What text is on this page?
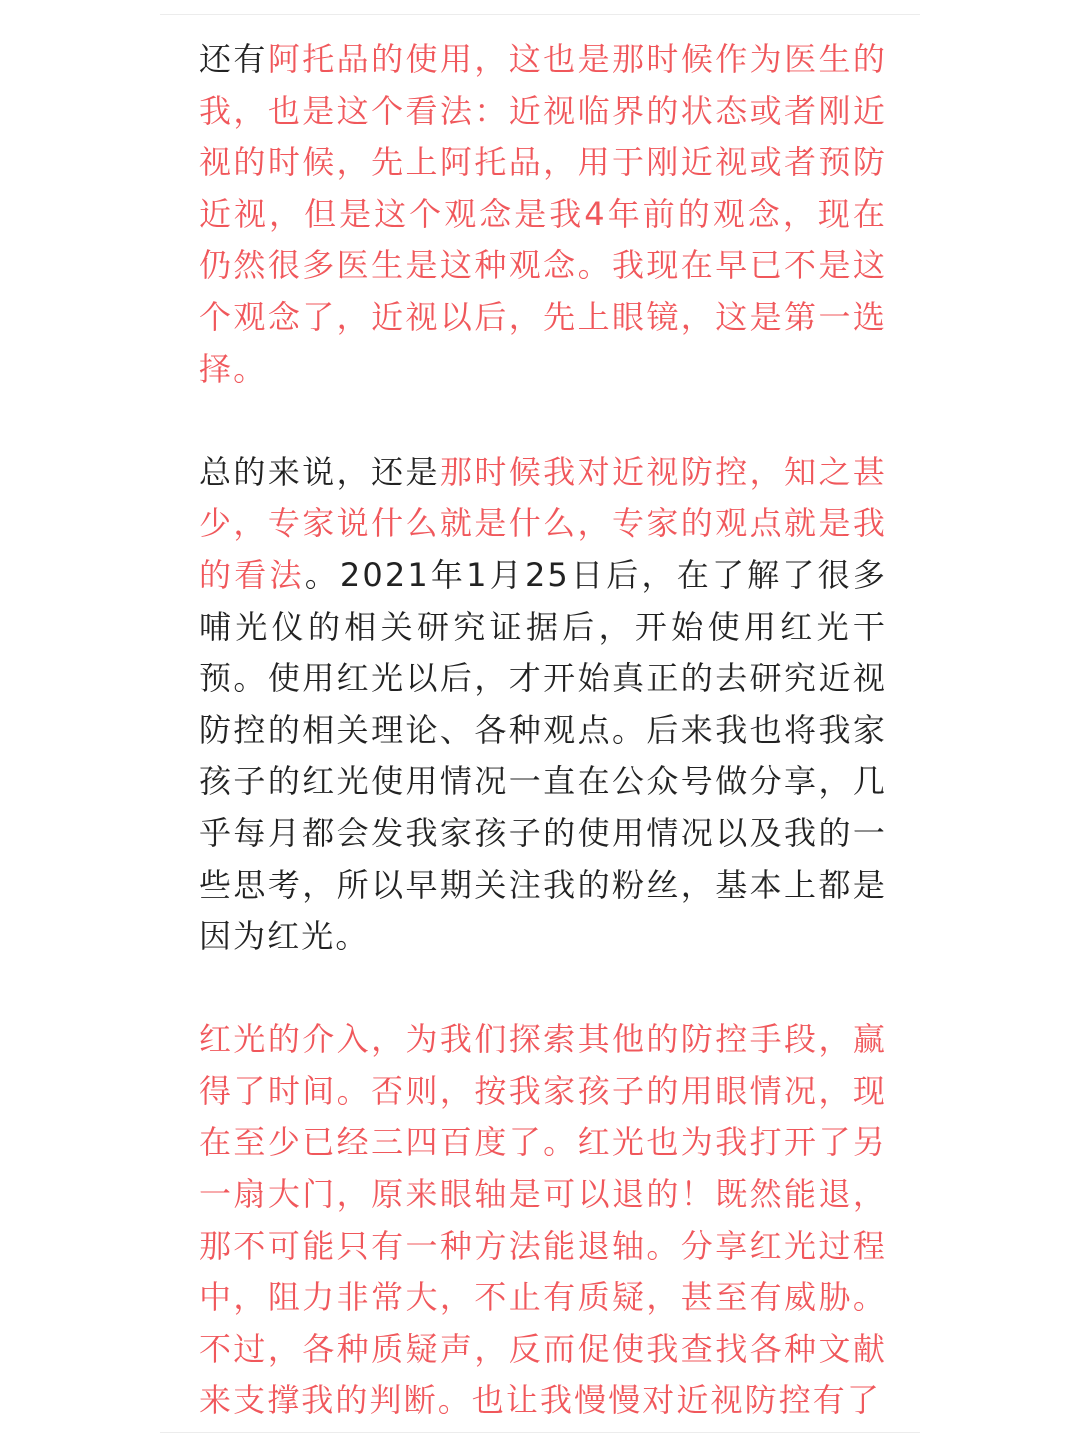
还有阿托品的使用，这也是那时候作为医生的我，也是这个看法：近视临界的状态或者刚近视的时候，先上阿托品，用于刚近视或者预防近视，但是这个观念是我4年前的观念，现在仍然很多医生是这种观念。我现在早已不是这个观念了，近视以后，先上眼镜，这是第一选择。

总的来说，还是那时候我对近视防控，知之甚少，专家说什么就是什么，专家的观点就是我的看法。2021年1月25日后，在了解了很多哺光仪的相关研究证据后，开始使用红光干预。使用红光以后，才开始真正的去研究近视防控的相关理论、各种观点。后来我也将我家孩子的红光使用情况一直在公众号做分享，几乎每月都会发我家孩子的使用情况以及我的一些思考，所以早期关注我的粉丝，基本上都是因为红光。

红光的介入，为我们探索其他的防控手段，赢得了时间。否则，按我家孩子的用眼情况，现在至少已经三四百度了。红光也为我打开了另一扇大门，原来眼轴是可以退的！既然能退，那不可能只有一种方法能退轴。分享红光过程中，阻力非常大，不止有质疑，甚至有威胁。不过，各种质疑声，反而促使我查找各种文献来支撑我的判断。也让我慢慢对近视防控有了
